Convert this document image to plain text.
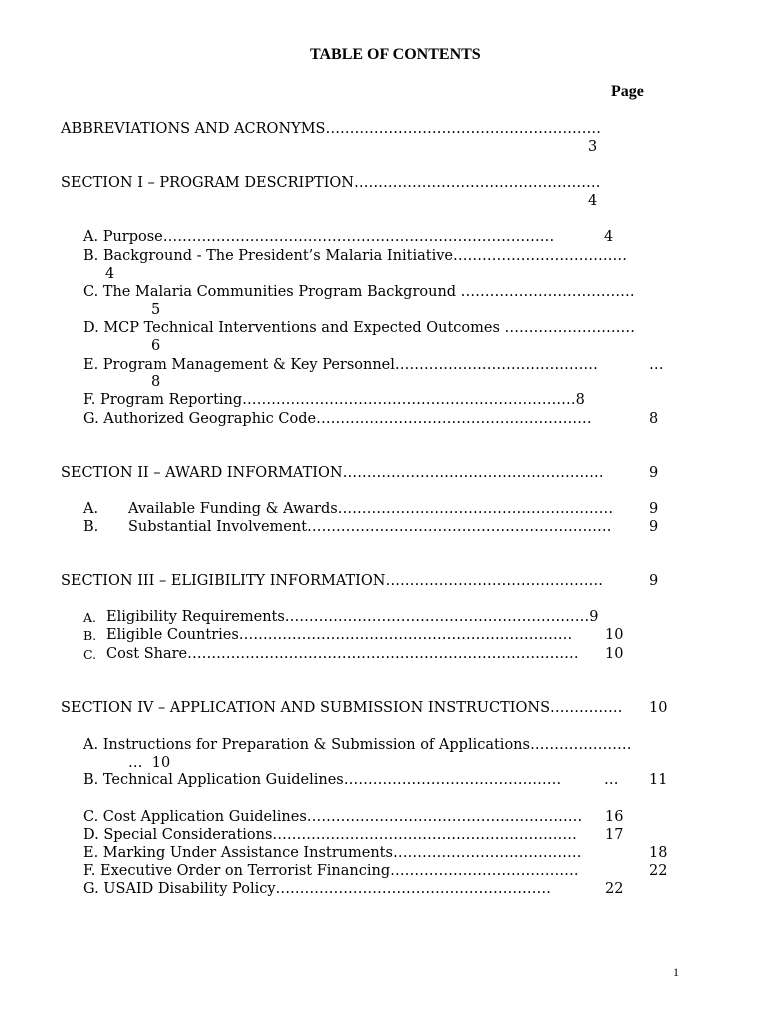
TABLE OF CONTENTS
Page
ABBREVIATIONS AND ACRONYMS…………………………………………………
3
SECTION I – PROGRAM DESCRIPTION……………………………………………
4
A. Purpose………………………………………………………………………	4
B. Background - The President’s Malaria Initiative………………………………
4
C. The Malaria Communities Program Background ………………………………
5
D. MCP Technical Interventions and Expected Outcomes ………………………
6
E. Program Management & Key Personnel……………………………………	…
8
F. Program Reporting……………………………………………………………8
G. Authorized Geographic Code…………………………………………………	8
SECTION II – AWARD INFORMATION………………………………………………	9
A. Available Funding & Awards………………………………………………… 9
B. Substantial Involvement………………………………………………………	9
SECTION III – ELIGIBILITY INFORMATION………………………………………	9
A. Eligibility Requirements………………………………………………………9
B. Eligible Countries…………………………………………………………… 10
C. Cost Share……………………………………………………………………… 10
SECTION IV – APPLICATION AND SUBMISSION INSTRUCTIONS…………… 10
A. Instructions for Preparation & Submission of Applications…………………
…  10
B. Technical Application Guidelines………………………………………	… 11
C. Cost Application Guidelines………………………………………………… 16
D. Special Considerations……………………………………………………… 17
E. Marking Under Assistance Instruments…………………………………	18
F. Executive Order on Terrorist Financing…………………………………	22
G. USAID Disability Policy…………………………………………………	22
1
